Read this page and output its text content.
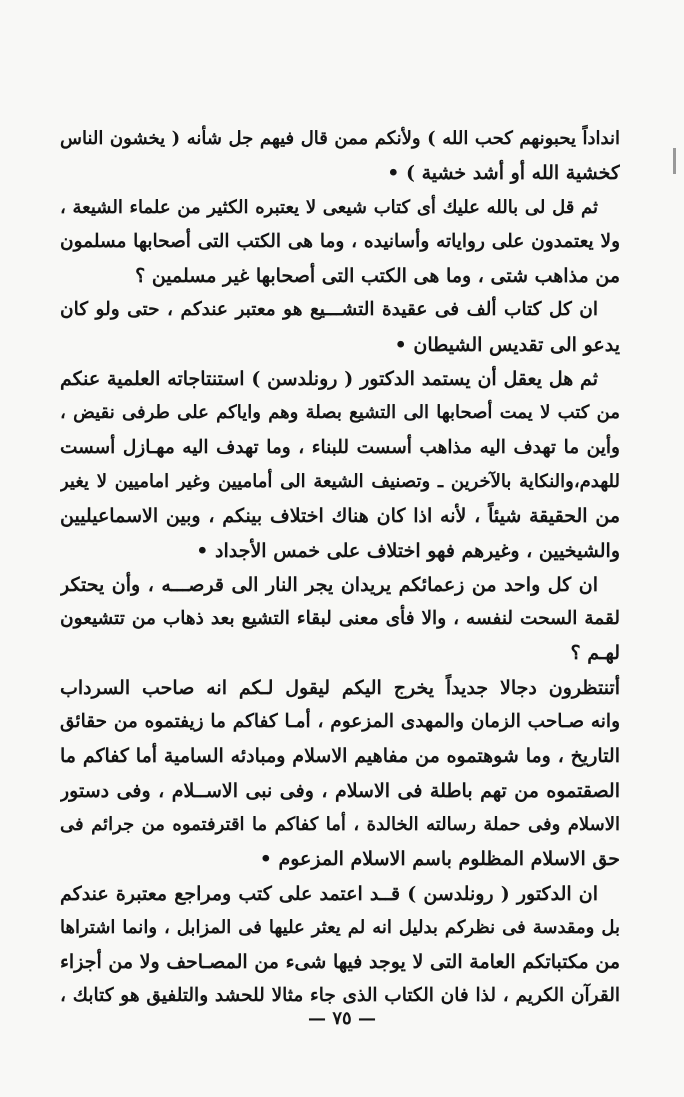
انداداً يحبونهم كحب الله ) ولأنكم ممن قال فيهم جل شأنه ( يخشون الناس
كخشية الله أو أشد خشية ) •
ثم قل لى بالله عليك أى كتاب شيعى لا يعتبره الكثير من علماء الشيعة ،
ولا يعتمدون على رواياته وأسانيده ، وما هى الكتب التى أصحابها مسلمون
من مذاهب شتى ، وما هى الكتب التى أصحابها غير مسلمين ؟
ان كل كتاب ألف فى عقيدة التشـــيع هو معتبر عندكم ، حتى ولو كان
يدعو الى تقديس الشيطان •
ثم هل يعقل أن يستمد الدكتور ( رونلدسن ) استنتاجاته العلمية عنكم
من كتب لا يمت أصحابها الى التشيع بصلة وهم واياكم على طرفى نقيض ،
وأين ما تهدف اليه مذاهب أسست للبناء ، وما تهدف اليه مهـازل أسست
للهدم،والنكاية بالآخرين ـ وتصنيف الشيعة الى أماميين وغير اماميين لا يغير
من الحقيقة شيئاً ، لأنه اذا كان هناك اختلاف بينكم ، وبين الاسماعيليين
والشيخيين ، وغيرهم فهو اختلاف على خمس الأجداد •
ان كل واحد من زعمائكم يريدان يجر النار الى قرصـــه ، وأن يحتكر
لقمة السحت لنفسه ، والا فأى معنى لبقاء التشيع بعد ذهاب من تتشيعون
لهـم ؟
أتنتظرون دجالا جديداً يخرج اليكم ليقول لـكم انه صاحب السرداب
وانه صـاحب الزمان والمهدى المزعوم ، أمـا كفاكم ما زيفتموه من حقائق
التاريخ ، وما شوهتموه من مفاهيم الاسلام ومبادئه السامية أما كفاكم ما
الصقتموه من تهم باطلة فى الاسلام ، وفى نبى الاســلام ، وفى دستور
الاسلام وفى حملة رسالته الخالدة ، أما كفاكم ما اقترفتموه من جرائم فى
حق الاسلام المظلوم باسم الاسلام المزعوم •
ان الدكتور ( رونلدسن ) قــد اعتمد على كتب ومراجع معتبرة عندكم
بل ومقدسة فى نظركم بدليل انه لم يعثر عليها فى المزابل ، وانما اشتراها
من مكتباتكم العامة التى لا يوجد فيها شىء من المصـاحف ولا من أجزاء
القرآن الكريم ، لذا فان الكتاب الذى جاء مثالا للحشد والتلفيق هو كتابك ،
— ٧٥ —
